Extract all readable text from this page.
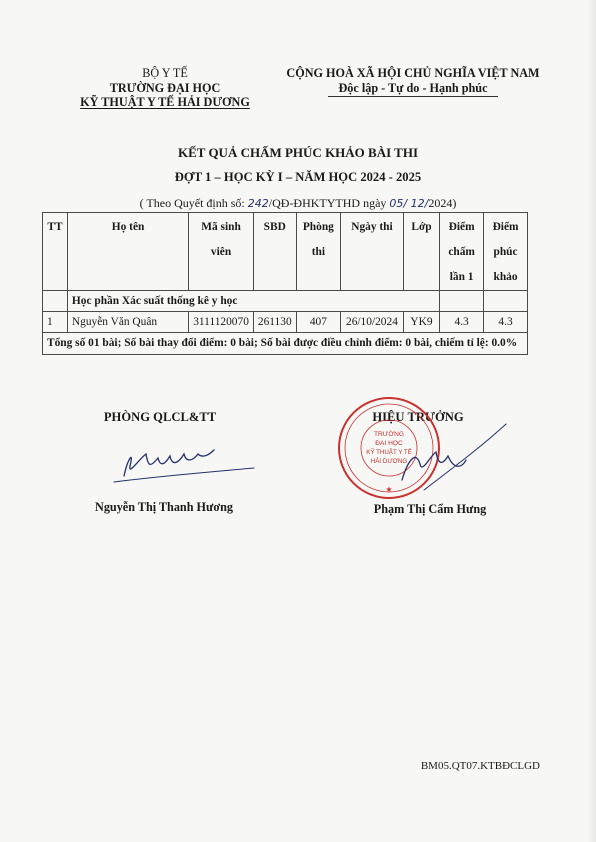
BỘ Y TẾ
TRƯỜNG ĐẠI HỌC
KỸ THUẬT Y TẾ HẢI DƯƠNG
CỘNG HOÀ XÃ HỘI CHỦ NGHĨA VIỆT NAM
Độc lập - Tự do - Hạnh phúc
KẾT QUẢ CHẤM PHÚC KHẢO BÀI THI
ĐỢT 1 – HỌC KỲ I – NĂM HỌC 2024 - 2025
( Theo Quyết định số: 242/QĐ-ĐHKTYTHD ngày 05/ 12/2024)
TT	Họ tên	Mã sinh viên	SBD	Phòng thi	Ngày thi	Lớp	Điểm chấm lần 1	Điểm phúc khảo
	Học phần Xác suất thống kê y học							
1	Nguyễn Văn Quân	3111120070	261130	407	26/10/2024	YK9	4.3	4.3
Tổng số 01 bài; Số bài thay đổi điểm: 0 bài; Số bài được điều chỉnh điểm: 0 bài, chiếm tỉ lệ: 0.0%								
PHÒNG QLCL&TT	HIỆU TRƯỞNG
TRƯỜNG
ĐẠI HỌC
KỸ THUẬT Y TẾ
HẢI DƯƠNG
★
Nguyễn Thị Thanh Hương	Phạm Thị Cẩm Hưng
BM05.QT07.KTBĐCLGD
